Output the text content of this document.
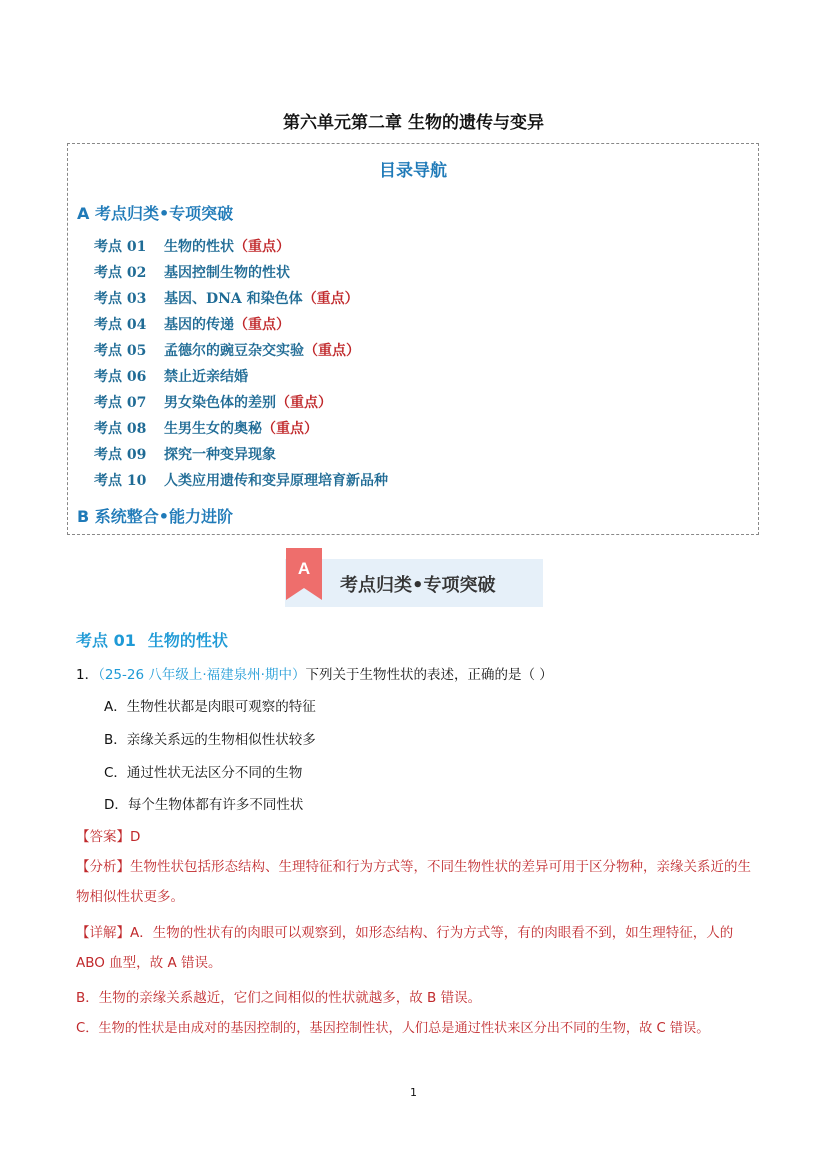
第六单元第二章 生物的遗传与变异
目录导航
A 考点归类•专项突破
考点 01 生物的性状（重点）
考点 02 基因控制生物的性状
考点 03 基因、DNA 和染色体（重点）
考点 04 基因的传递（重点）
考点 05 孟德尔的豌豆杂交实验（重点）
考点 06 禁止近亲结婚
考点 07 男女染色体的差别（重点）
考点 08 生男生女的奥秘（重点）
考点 09 探究一种变异现象
考点 10 人类应用遗传和变异原理培育新品种
B 系统整合•能力进阶
考点归类•专项突破
A
考点 01 生物的性状
1．（25-26 八年级上·福建泉州·期中）下列关于生物性状的表述，正确的是（ ）
A．生物性状都是肉眼可观察的特征
B．亲缘关系远的生物相似性状较多
C．通过性状无法区分不同的生物
D．每个生物体都有许多不同性状
【答案】D
【分析】生物性状包括形态结构、生理特征和行为方式等，不同生物性状的差异可用于区分物种，亲缘关系近的生物相似性状更多。
【详解】A．生物的性状有的肉眼可以观察到，如形态结构、行为方式等，有的肉眼看不到，如生理特征，人的 ABO 血型，故 A 错误。
B．生物的亲缘关系越近，它们之间相似的性状就越多，故 B 错误。
C．生物的性状是由成对的基因控制的，基因控制性状，人们总是通过性状来区分出不同的生物，故 C 错误。
1
